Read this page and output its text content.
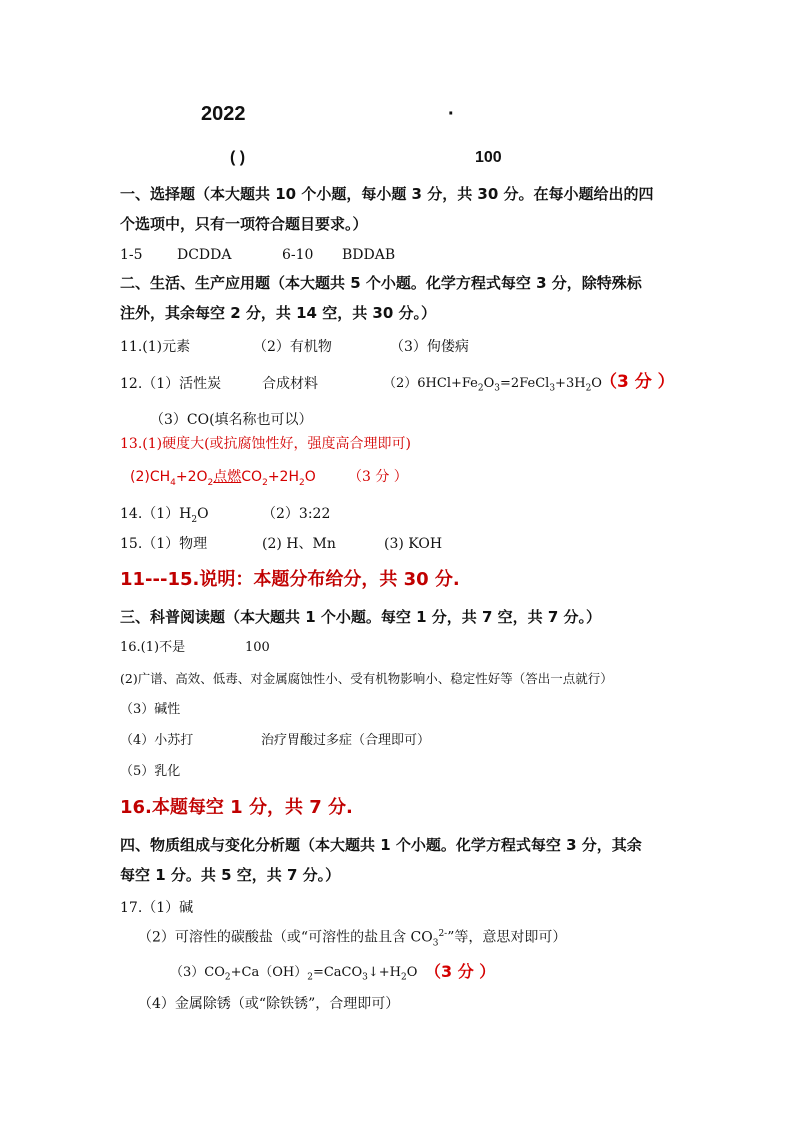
2022	·
( )	100
一、选择题（本大题共 10 个小题，每小题 3 分，共 30 分。在每小题给出的四
个选项中，只有一项符合题目要求。）
1-5 DCDDA	6-10 BDDAB
二、生活、生产应用题（本大题共 5 个小题。化学方程式每空 3 分，除特殊标
注外，其余每空 2 分，共 14 空，共 30 分。）
11.(1)元素	（2）有机物	（3）佝偻病
12.（1）活性炭	合成材料	$(2)6HCl+Fe_2O_3=2FeCl_3+3H_2O$
（3 分 ）
（3）CO(填名称也可以）
13.(1)硬度大(或抗腐蚀性好，强度高合理即可)
$(2)CH_4+2O_2$点燃$CO_2+2H_2O$ （3 分 ）
$14.(1)H_2O$	（2）3:22
15.（1）物理	(2) H、Mn	(3) KOH
11---15.说明：本题分布给分，共 30 分.
三、科普阅读题（本大题共 1 个小题。每空 1 分，共 7 空，共 7 分。）
16.(1)不是	100
(2)广谱、高效、低毒、对金属腐蚀性小、受有机物影响小、稳定性好等（答出一点就行）
（3）碱性
（4）小苏打	治疗胃酸过多症（合理即可）
（5）乳化
16.本题每空 1 分，共 7 分.
四、物质组成与变化分析题（本大题共 1 个小题。化学方程式每空 3 分，其余
每空 1 分。共 5 空，共 7 分。）
17.（1）碱
（2）可溶性的碳酸盐（或“可溶性的盐且含 $CO_3^{2-}$”等，意思对即可）
$(3)CO_2+Ca(OH)_2=CaCO_3↓+H_2O$ （3 分 ）
（4）金属除锈（或“除铁锈”，合理即可）
